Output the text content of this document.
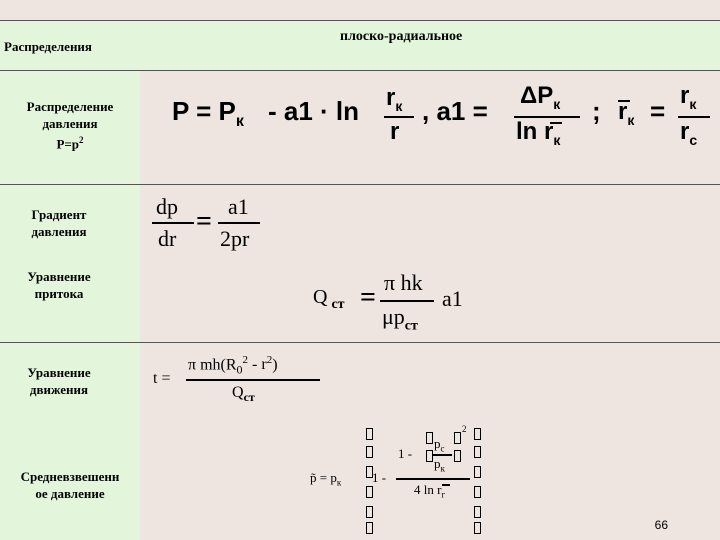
Распределения
плоско-радиальное
Распределение
давления
$P=p^2$
Градиент
давления
Уравнение
притока
Уравнение
движения
Средневзвешенн
ое давление
$P = P_к - a1 \cdot \ln r_к$
r
, a1 =
$\Delta P_к$
$\ln r_к$
; $r_к$ =
$r_к$
$r_c$
dp
dr
= a1
2pr
Q $_{ст}$ = π hk
$\mu p_{ст}$
a1
t =
π $mh(R_0^2 - r^2)$
$Q_{ст}$
p̃ = $p_к$ 1 -
1 -
$p_с$
$p_к$
2
4 $\ln r_г$
66
